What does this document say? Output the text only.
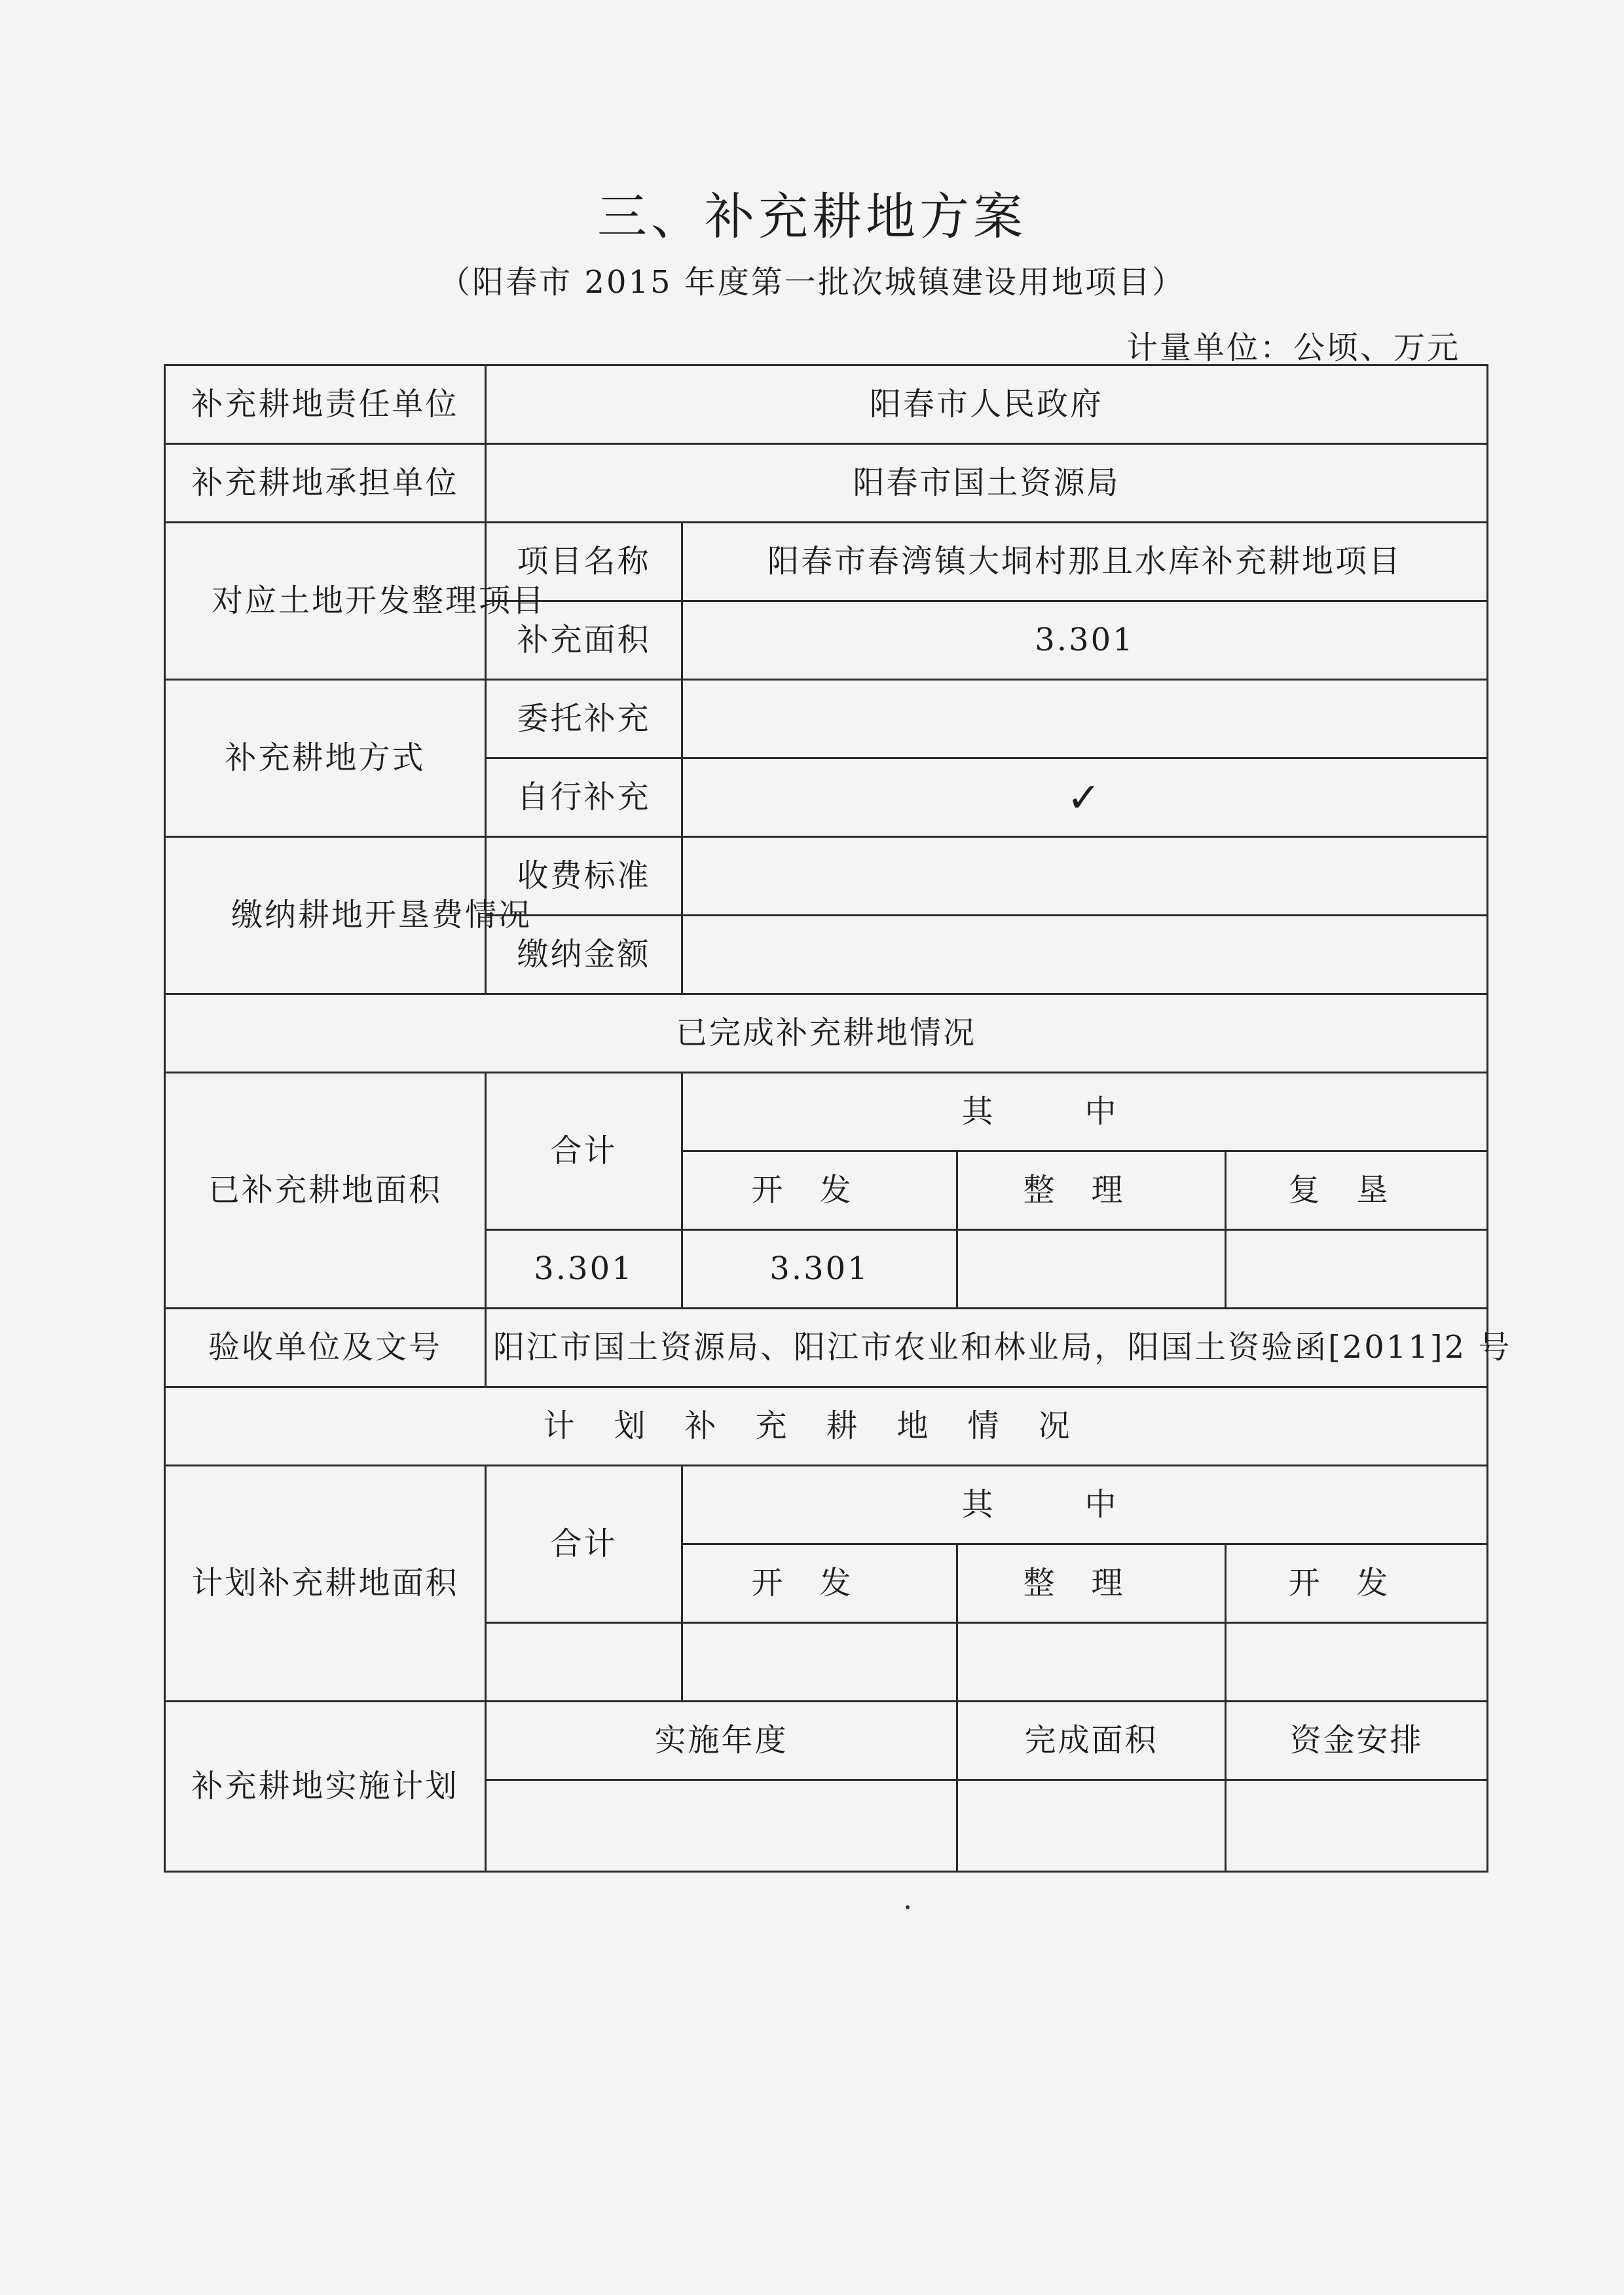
三、补充耕地方案
（阳春市 2015 年度第一批次城镇建设用地项目）
计量单位：公顷、万元
补充耕地责任单位	阳春市人民政府			
补充耕地承担单位	阳春市国土资源局			
对应土地开发整理项目	项目名称	阳春市春湾镇大垌村那且水库补充耕地项目		
	补充面积	3.301		
补充耕地方式	委托补充			
	自行补充	✓		
缴纳耕地开垦费情况	收费标准			
	缴纳金额			
已完成补充耕地情况				
已补充耕地面积	合计	其中		
		开发	整理	复垦
	3.301	3.301		
验收单位及文号	阳江市国土资源局、阳江市农业和林业局，阳国土资验函[2011]2 号			
计划补充耕地情况				
计划补充耕地面积	合计	其中		
		开发	整理	开发

补充耕地实施计划	实施年度		完成面积	资金安排
